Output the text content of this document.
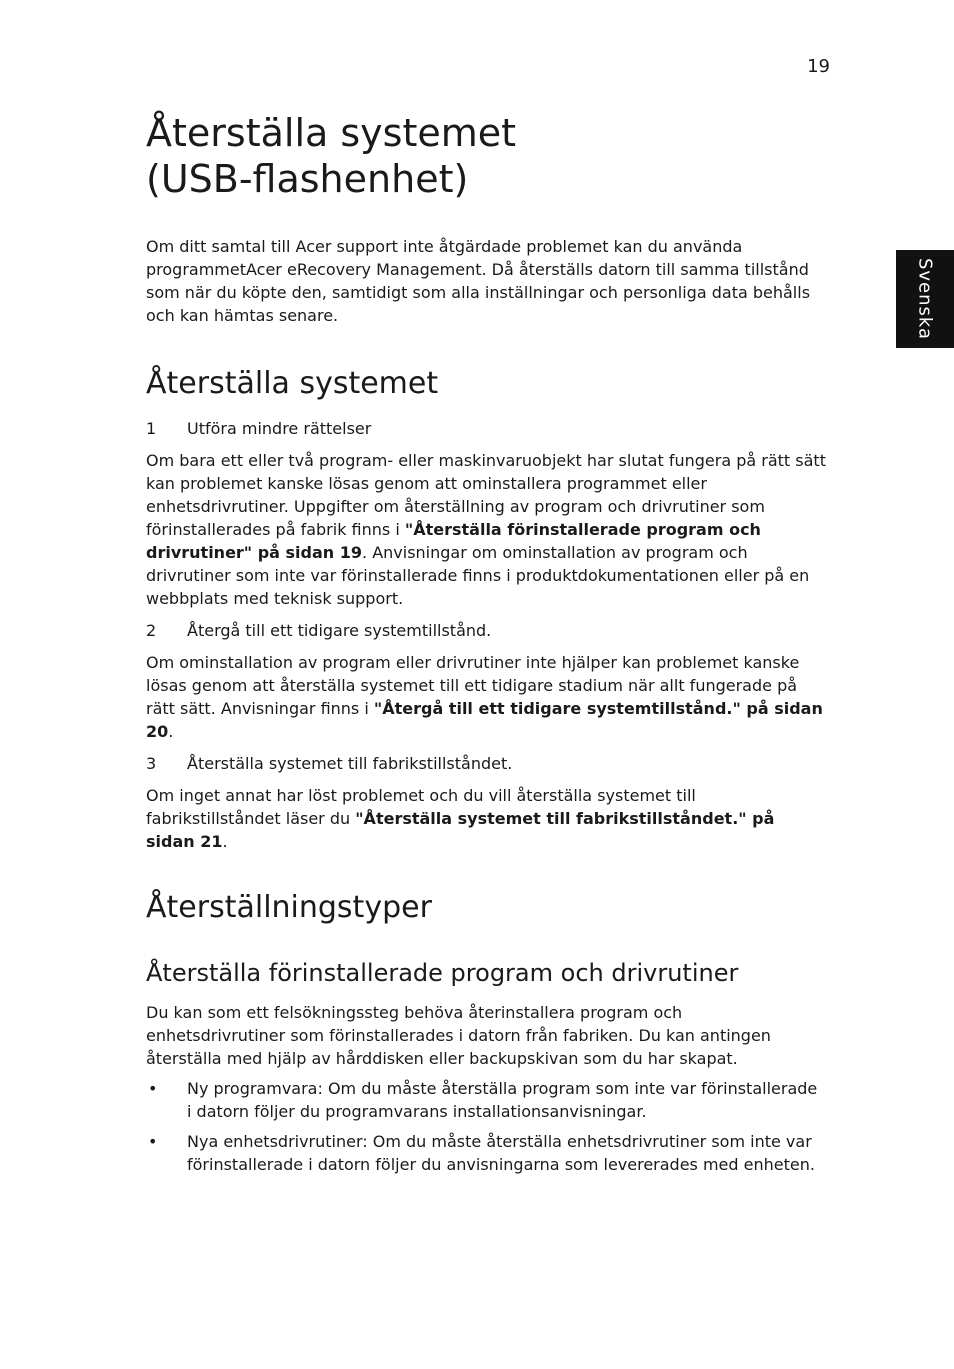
19
Svenska
Återställa systemet
(USB-flashenhet)

Om ditt samtal till Acer support inte åtgärdade problemet kan du använda programmetAcer eRecovery Management. Då återställs datorn till samma tillstånd som när du köpte den, samtidigt som alla inställningar och personliga data behålls och kan hämtas senare.

Återställa systemet
1	Utföra mindre rättelser

Om bara ett eller två program- eller maskinvaruobjekt har slutat fungera på rätt sätt kan problemet kanske lösas genom att ominstallera programmet eller enhetsdrivrutiner. Uppgifter om återställning av program och drivrutiner som förinstallerades på fabrik finns i "Återställa förinstallerade program och drivrutiner" på sidan 19. Anvisningar om ominstallation av program och drivrutiner som inte var förinstallerade finns i produktdokumentationen eller på en webbplats med teknisk support.

2	Återgå till ett tidigare systemtillstånd.

Om ominstallation av program eller drivrutiner inte hjälper kan problemet kanske lösas genom att återställa systemet till ett tidigare stadium när allt fungerade på rätt sätt. Anvisningar finns i "Återgå till ett tidigare systemtillstånd." på sidan 20.

3	Återställa systemet till fabrikstillståndet.

Om inget annat har löst problemet och du vill återställa systemet till fabrikstillståndet läser du "Återställa systemet till fabrikstillståndet." på sidan 21.

Återställningstyper
Återställa förinstallerade program och drivrutiner

Du kan som ett felsökningssteg behöva återinstallera program och enhetsdrivrutiner som förinstallerades i datorn från fabriken. Du kan antingen återställa med hjälp av hårddisken eller backupskivan som du har skapat.

•	Ny programvara: Om du måste återställa program som inte var förinstallerade i datorn följer du programvarans installationsanvisningar.
•	Nya enhetsdrivrutiner: Om du måste återställa enhetsdrivrutiner som inte var förinstallerade i datorn följer du anvisningarna som levererades med enheten.
